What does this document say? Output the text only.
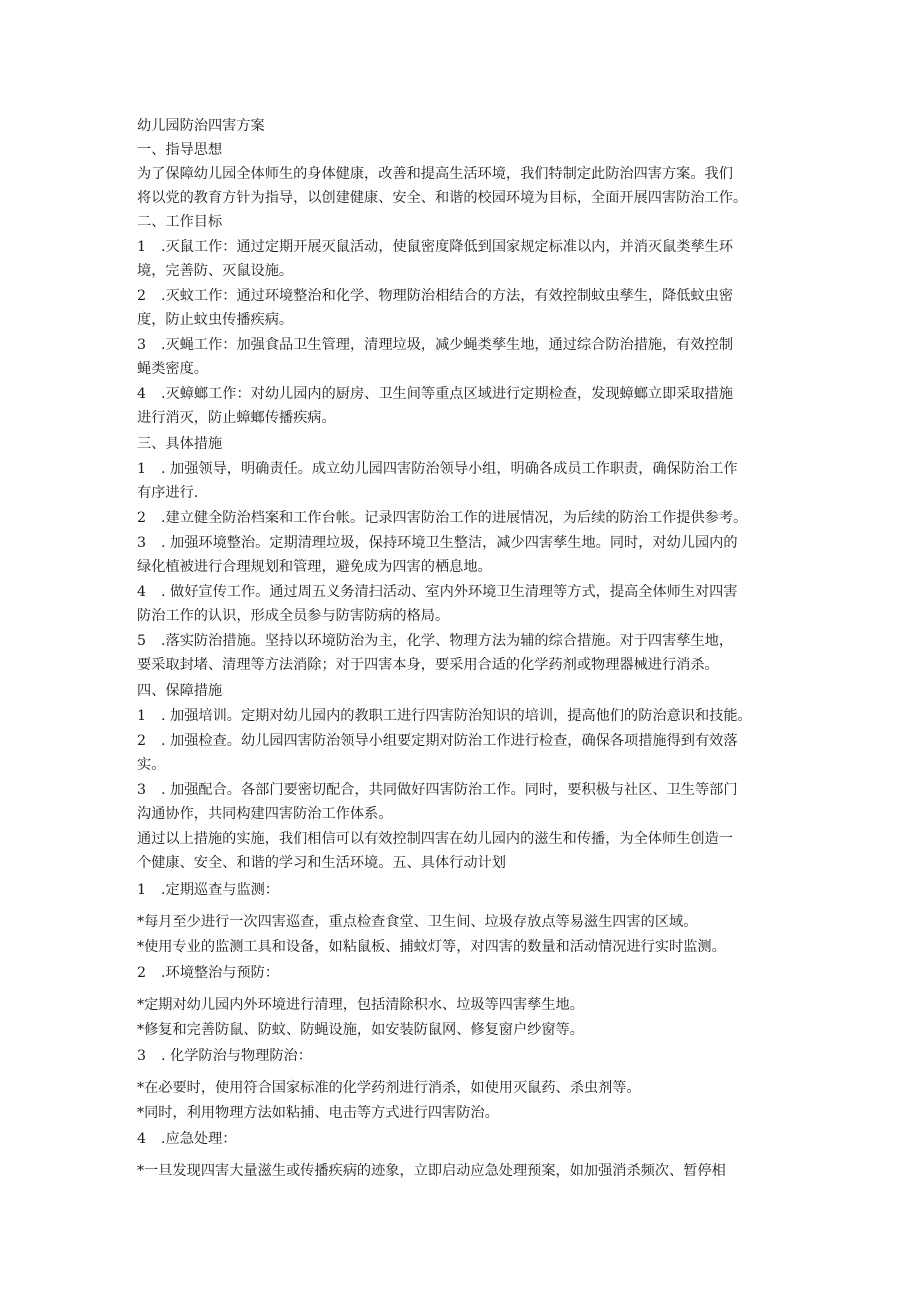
幼儿园防治四害方案
一、指导思想
为了保障幼儿园全体师生的身体健康，改善和提高生活环境，我们特制定此防治四害方案。我们
将以党的教育方针为指导，以创建健康、安全、和谐的校园环境为目标，全面开展四害防治工作。
二、工作目标
1 .灭鼠工作：通过定期开展灭鼠活动，使鼠密度降低到国家规定标准以内，并消灭鼠类孳生环
境，完善防、灭鼠设施。
2 .灭蚊工作：通过环境整治和化学、物理防治相结合的方法，有效控制蚊虫孳生，降低蚊虫密
度，防止蚊虫传播疾病。
3 .灭蝇工作：加强食品卫生管理，清理垃圾，减少蝇类孳生地，通过综合防治措施，有效控制
蝇类密度。
4 .灭蟑螂工作：对幼儿园内的厨房、卫生间等重点区域进行定期检查，发现蟑螂立即采取措施
进行消灭，防止蟑螂传播疾病。
三、具体措施
1 . 加强领导，明确责任。成立幼儿园四害防治领导小组，明确各成员工作职责，确保防治工作
有序进行.
2 .建立健全防治档案和工作台帐。记录四害防治工作的进展情况，为后续的防治工作提供参考。
3 . 加强环境整治。定期清理垃圾，保持环境卫生整洁，减少四害孳生地。同时，对幼儿园内的
绿化植被进行合理规划和管理，避免成为四害的栖息地。
4 . 做好宣传工作。通过周五义务清扫活动、室内外环境卫生清理等方式，提高全体师生对四害
防治工作的认识，形成全员参与防害防病的格局。
5 .落实防治措施。坚持以环境防治为主，化学、物理方法为辅的综合措施。对于四害孳生地，
要采取封堵、清理等方法消除；对于四害本身，要采用合适的化学药剂或物理器械进行消杀。
四、保障措施
1 . 加强培训。定期对幼儿园内的教职工进行四害防治知识的培训，提高他们的防治意识和技能。
2 . 加强检查。幼儿园四害防治领导小组要定期对防治工作进行检查，确保各项措施得到有效落
实。
3 . 加强配合。各部门要密切配合，共同做好四害防治工作。同时，要积极与社区、卫生等部门
沟通协作，共同构建四害防治工作体系。
通过以上措施的实施，我们相信可以有效控制四害在幼儿园内的滋生和传播，为全体师生创造一
个健康、安全、和谐的学习和生活环境。五、具体行动计划
1 .定期巡查与监测：
*每月至少进行一次四害巡查，重点检查食堂、卫生间、垃圾存放点等易滋生四害的区域。
*使用专业的监测工具和设备，如粘鼠板、捕蚊灯等，对四害的数量和活动情况进行实时监测。
2 .环境整治与预防：
*定期对幼儿园内外环境进行清理，包括清除积水、垃圾等四害孳生地。
*修复和完善防鼠、防蚊、防蝇设施，如安装防鼠网、修复窗户纱窗等。
3 . 化学防治与物理防治：
*在必要时，使用符合国家标准的化学药剂进行消杀，如使用灭鼠药、杀虫剂等。
*同时，利用物理方法如粘捕、电击等方式进行四害防治。
4 .应急处理：
*一旦发现四害大量滋生或传播疾病的迹象，立即启动应急处理预案，如加强消杀频次、暂停相
